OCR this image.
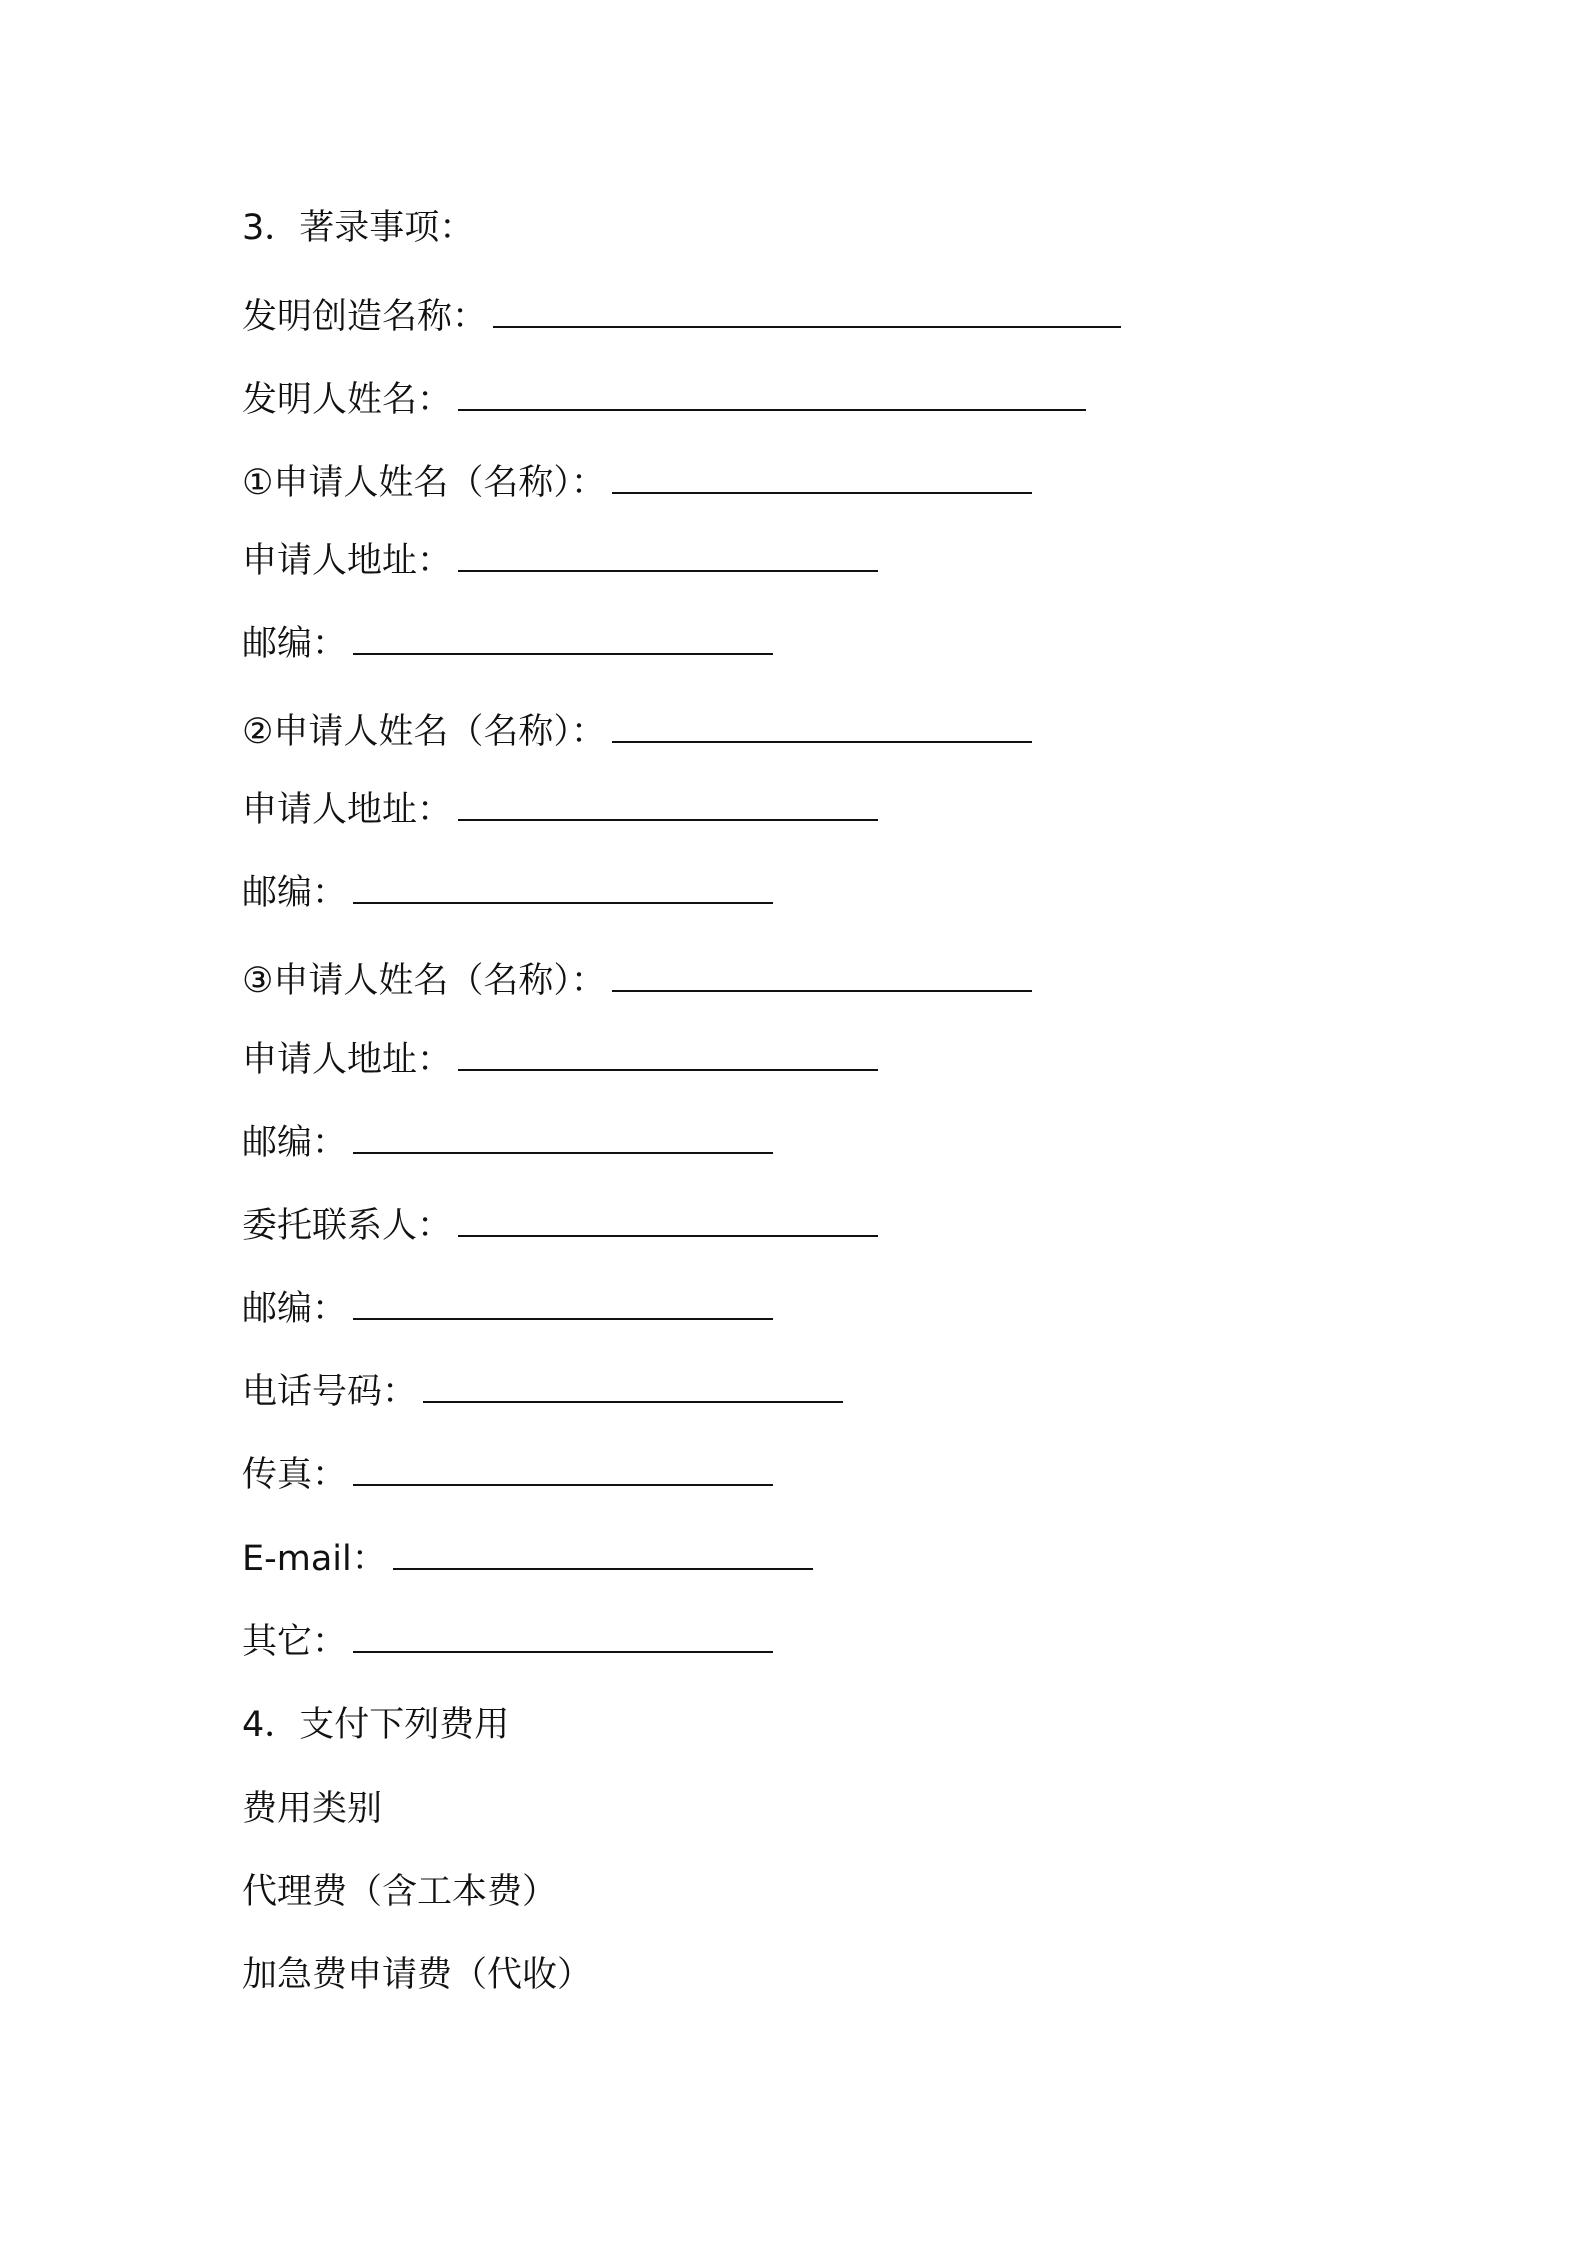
3．著录事项：
发明创造名称：
发明人姓名：
①申请人姓名（名称）：
申请人地址：
邮编：
②申请人姓名（名称）：
申请人地址：
邮编：
③申请人姓名（名称）：
申请人地址：
邮编：
委托联系人：
邮编：
电话号码：
传真：
E-mail：
其它：
4．支付下列费用
费用类别
代理费（含工本费）
加急费申请费（代收）
